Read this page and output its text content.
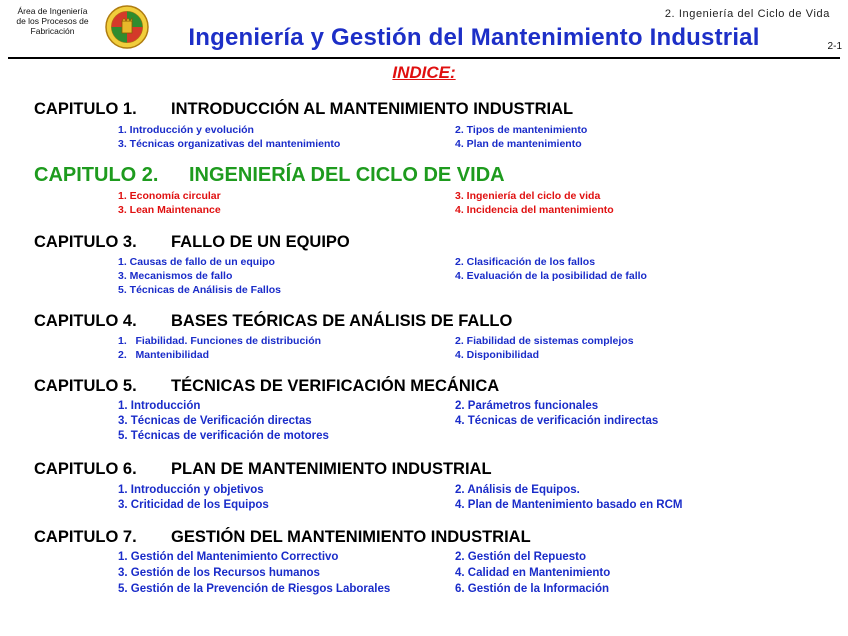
Área de Ingeniería
de los Procesos de
Fabricación
2. Ingeniería del Ciclo de Vida
Ingeniería y Gestión del Mantenimiento Industrial	2-1
INDICE:
CAPITULO 1. INTRODUCCIÓN AL MANTENIMIENTO INDUSTRIAL
1. Introducción y evolución	2. Tipos de mantenimiento
3. Técnicas organizativas del mantenimiento	4. Plan de mantenimiento
CAPITULO 2. INGENIERÍA DEL CICLO DE VIDA
1. Economía circular	3. Ingeniería del ciclo de vida
3. Lean Maintenance	4. Incidencia del mantenimiento
CAPITULO 3. FALLO DE UN EQUIPO
1. Causas de fallo de un equipo	2. Clasificación de los fallos
3. Mecanismos de fallo	4. Evaluación de la posibilidad de fallo
5. Técnicas de Análisis de Fallos
CAPITULO 4. BASES TEÓRICAS DE ANÁLISIS DE FALLO
1.   Fiabilidad. Funciones de distribución	2. Fiabilidad de sistemas complejos
2.   Mantenibilidad	4. Disponibilidad
CAPITULO 5. TÉCNICAS DE VERIFICACIÓN MECÁNICA
1. Introducción	2. Parámetros funcionales
3. Técnicas de Verificación directas	4. Técnicas de verificación indirectas
5. Técnicas de verificación de motores
CAPITULO 6. PLAN DE MANTENIMIENTO INDUSTRIAL
1. Introducción y objetivos	2. Análisis de Equipos.
3. Criticidad de los Equipos	4. Plan de Mantenimiento basado en RCM
CAPITULO 7. GESTIÓN DEL MANTENIMIENTO INDUSTRIAL
1. Gestión del Mantenimiento Correctivo	2. Gestión del Repuesto
3. Gestión de los Recursos humanos	4. Calidad en Mantenimiento
5. Gestión de la Prevención de Riesgos Laborales	6. Gestión de la Información
